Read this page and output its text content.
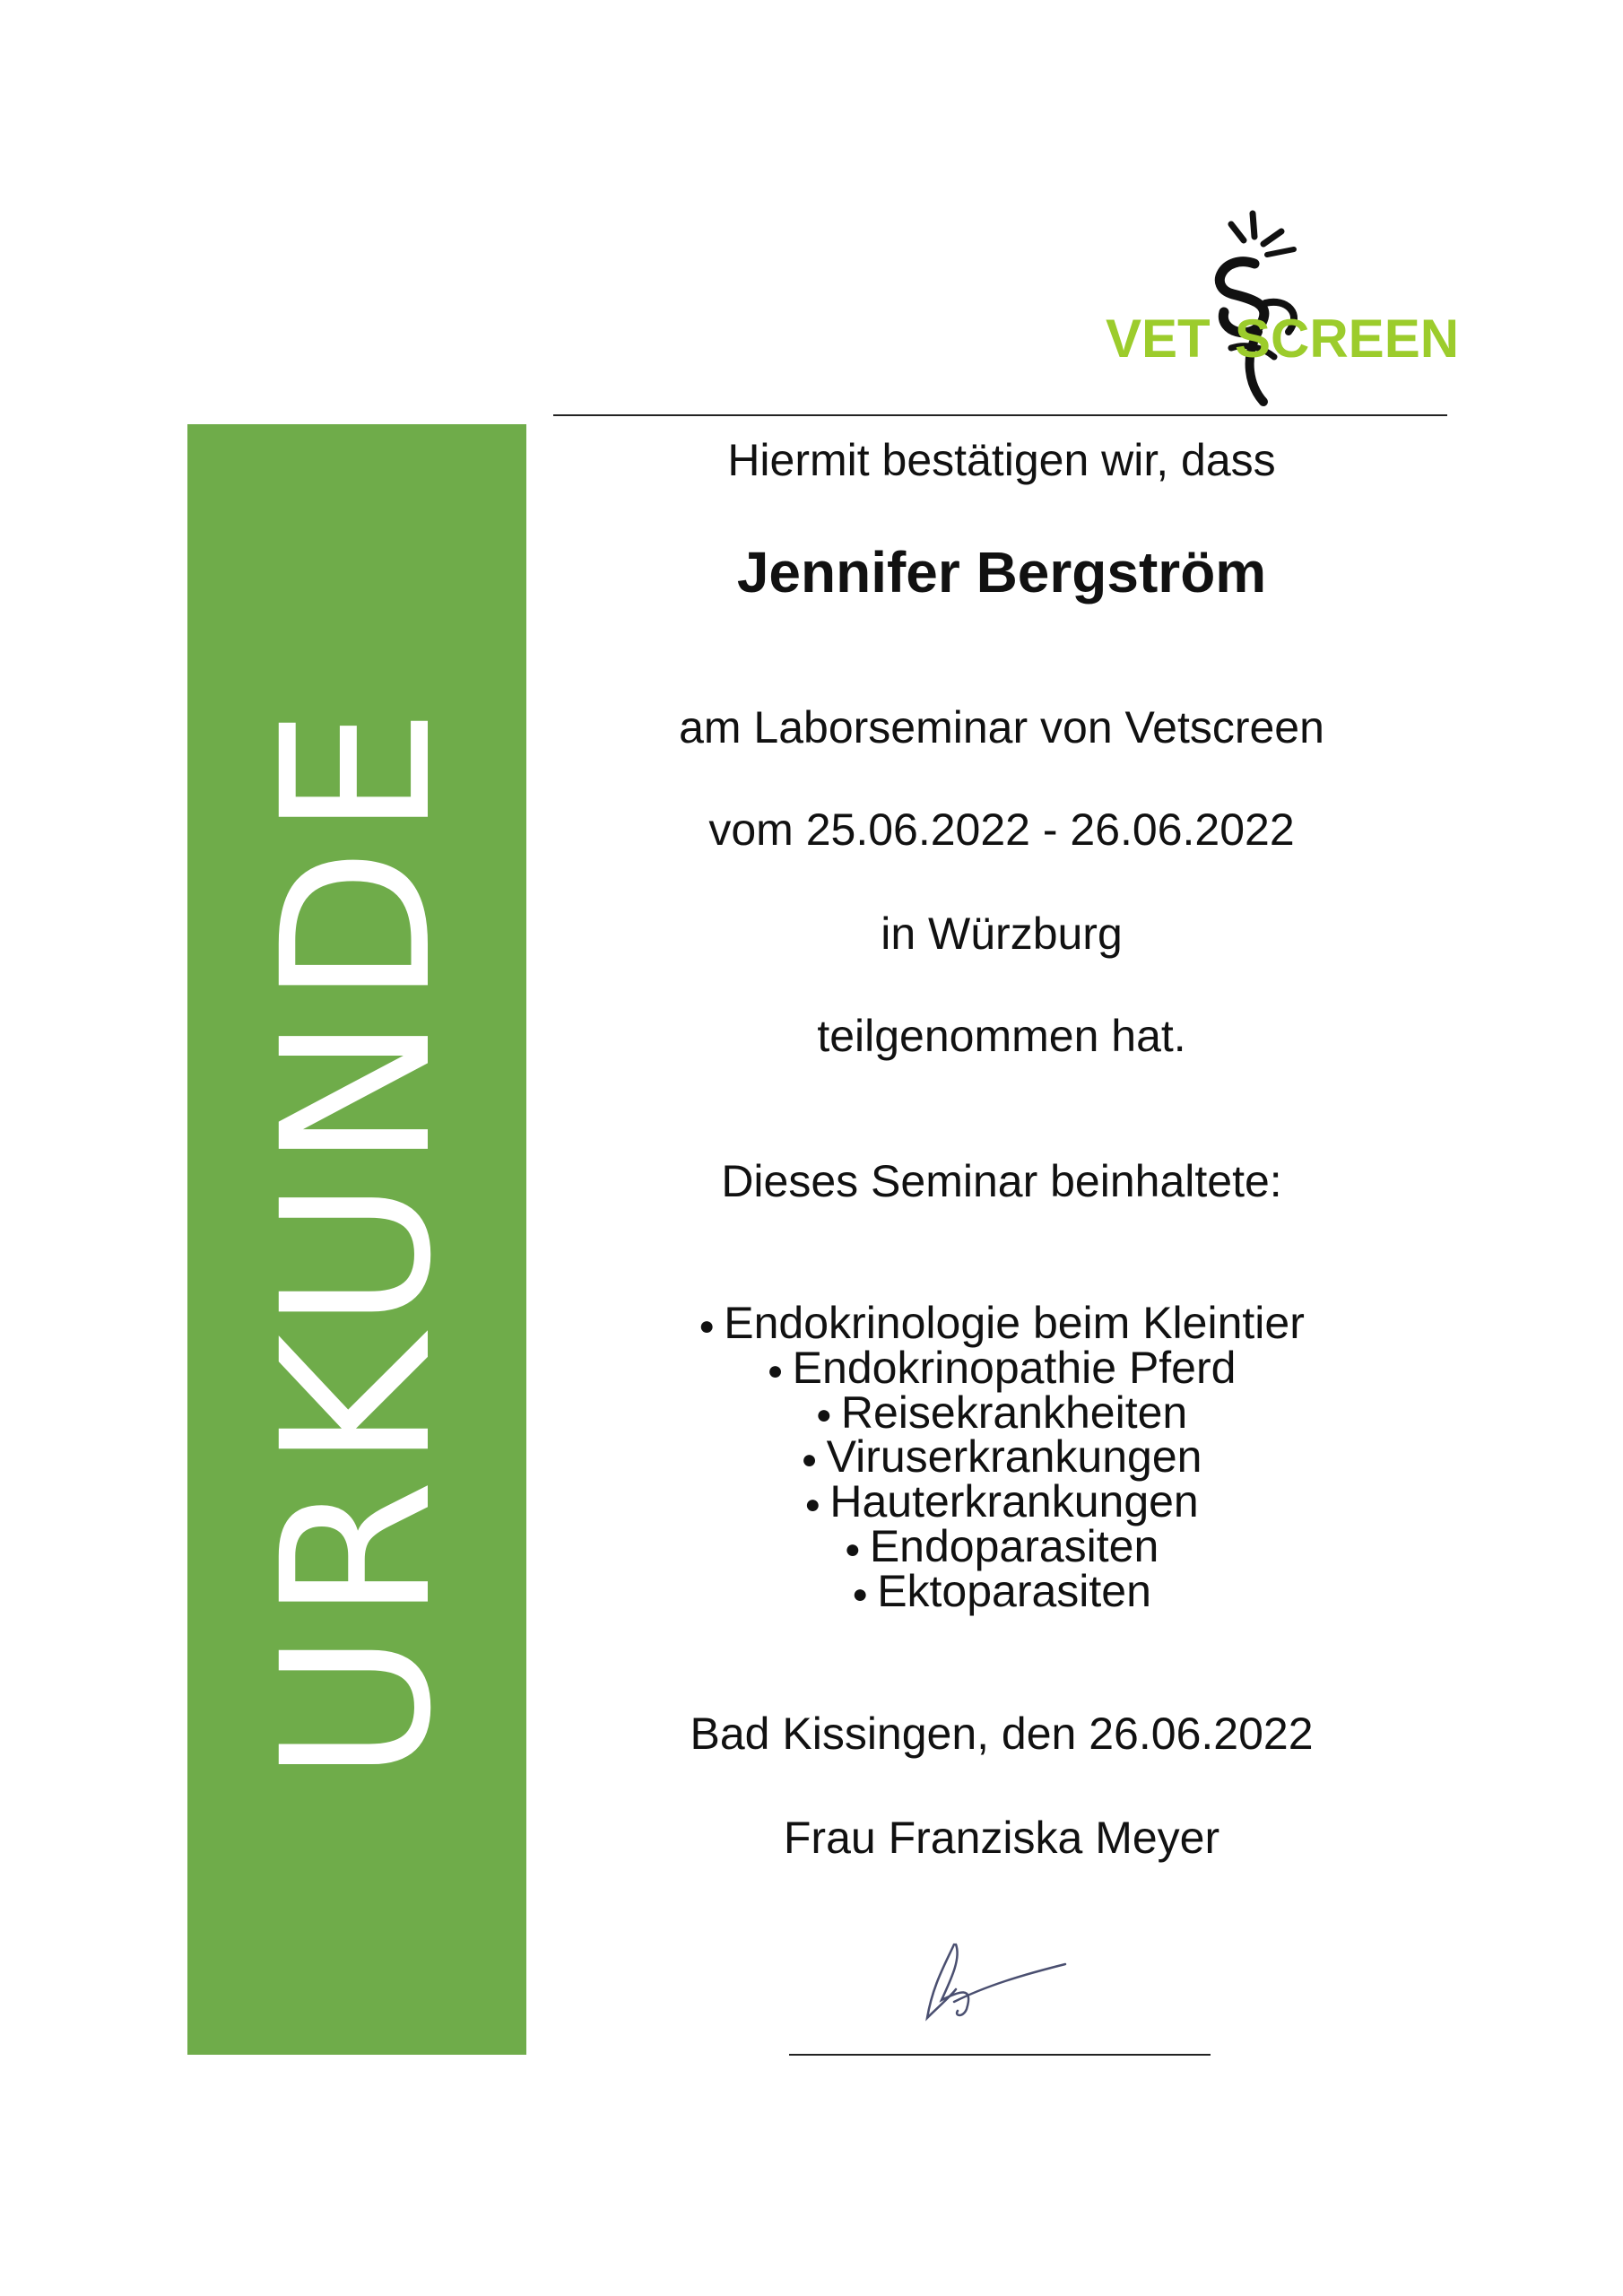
URKUNDE
VET SCREEN
Hiermit bestätigen wir, dass
Jennifer Bergström
am Laborseminar von Vetscreen
vom 25.06.2022 - 26.06.2022
in Würzburg
teilgenommen hat.
Dieses Seminar beinhaltete:
● Endokrinologie beim Kleintier
● Endokrinopathie Pferd
● Reisekrankheiten
● Viruserkrankungen
● Hauterkrankungen
● Endoparasiten
● Ektoparasiten
Bad Kissingen, den 26.06.2022
Frau Franziska Meyer
